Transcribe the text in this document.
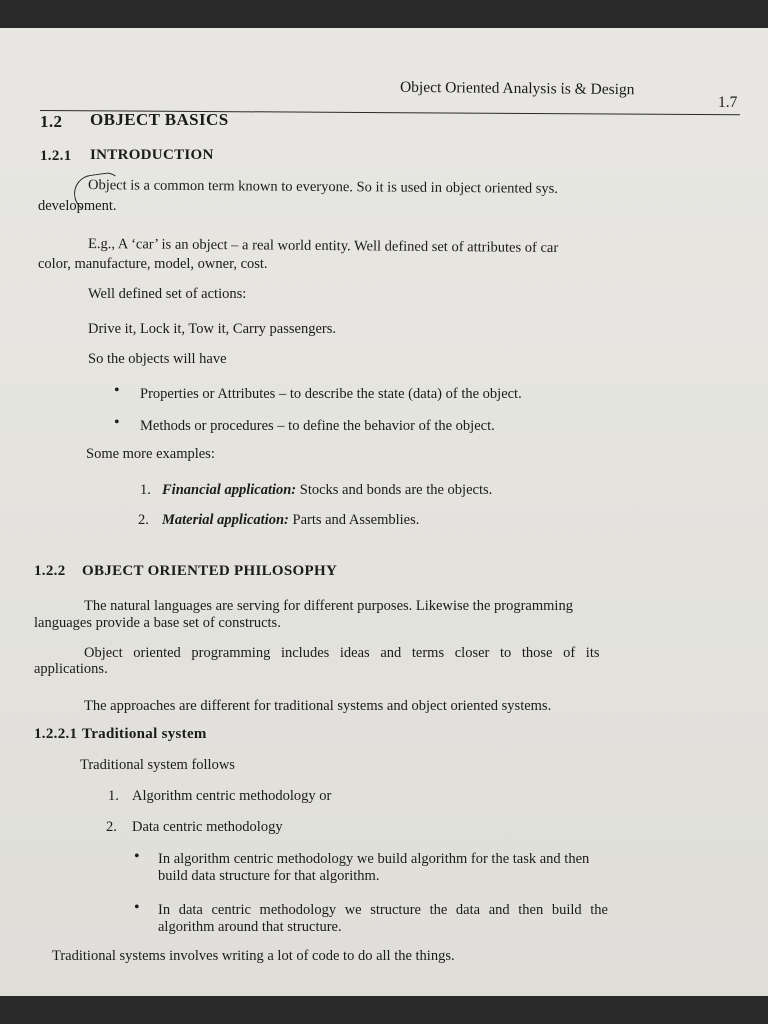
Object Oriented Analysis ἰs & Design
1.7
1.2 OBJECT BASICS
1.2.1 INTRODUCTION
Object is a common term known to everyone. So it is used in object oriented sys.
development.
E.g., A ‘car’ is an object – a real world entity. Well defined set of attributes of car
color, manufacture, model, owner, cost.
Well defined set of actions:
Drive it, Lock it, Tow it, Carry passengers.
So the objects will have
• Properties or Attributes – to describe the state (data) of the object.
• Methods or procedures – to define the behavior of the object.
Some more examples:
1. Financial application: Stocks and bonds are the objects.
2. Material application: Parts and Assemblies.
1.2.2 OBJECT ORIENTED PHILOSOPHY
The natural languages are serving for different purposes. Likewise the programming
languages provide a base set of constructs.
Object oriented programming includes ideas and terms closer to those of its
applications.
The approaches are different for traditional systems and object oriented systems.
1.2.2.1 Traditional system
Traditional system follows
1. Algorithm centric methodology or
2. Data centric methodology
• In algorithm centric methodology we build algorithm for the task and then
build data structure for that algorithm.
• In data centric methodology we structure the data and then build the
algorithm around that structure.
Traditional systems involves writing a lot of code to do all the things.
